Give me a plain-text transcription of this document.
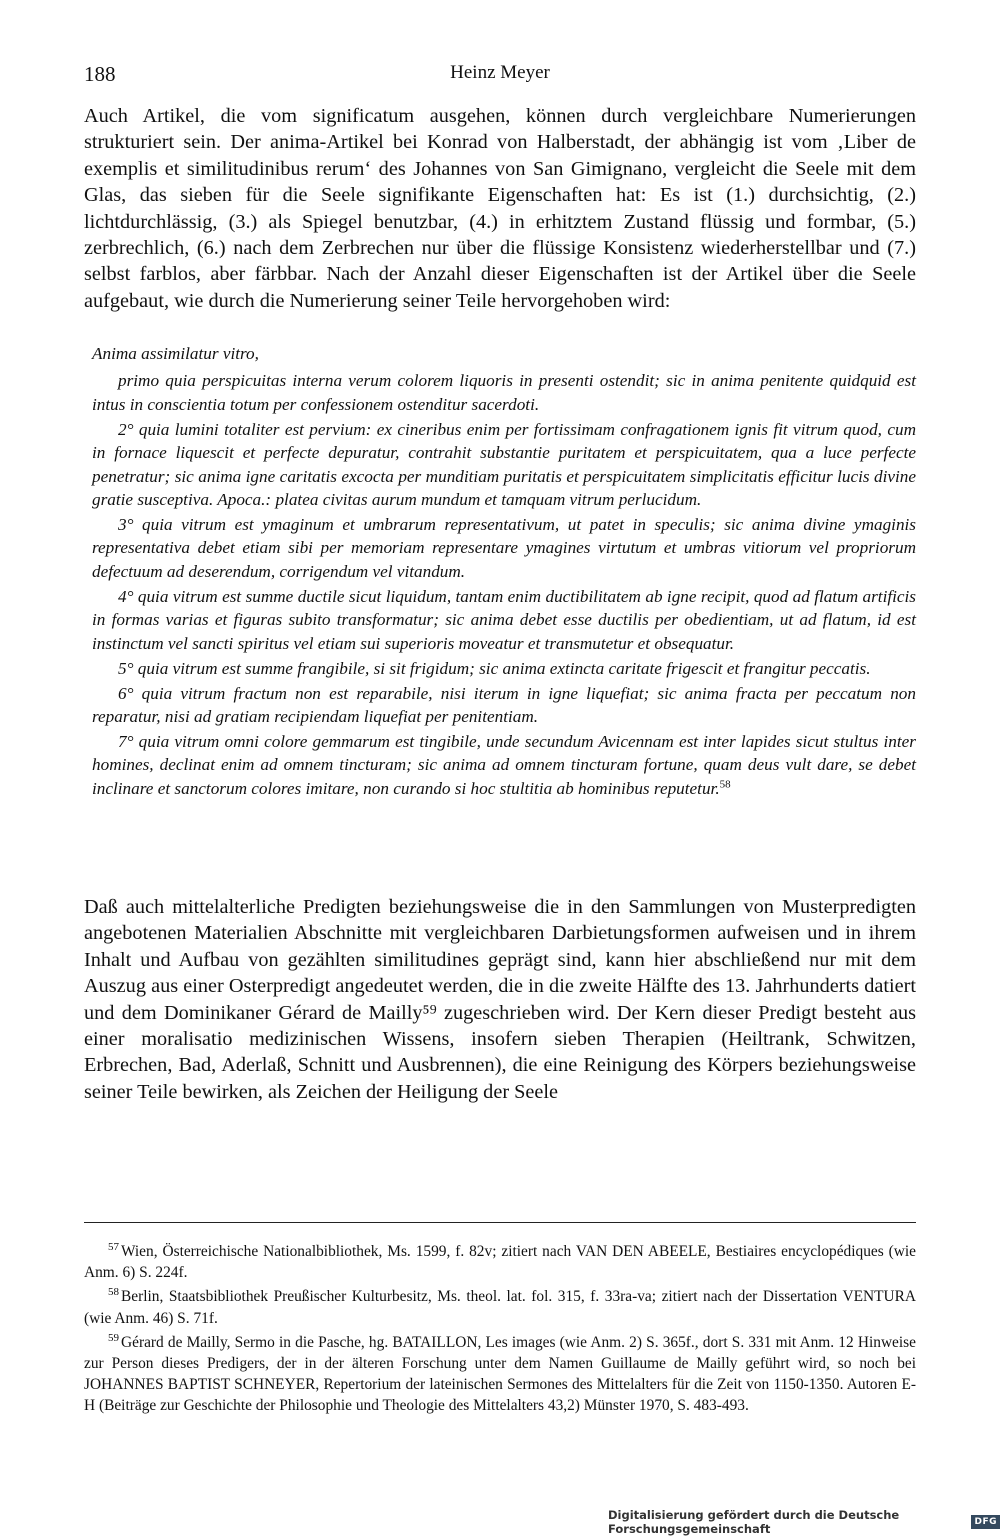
188	Heinz Meyer

Auch Artikel, die vom significatum ausgehen, können durch vergleichbare Numerierungen strukturiert sein. Der anima-Artikel bei Konrad von Halberstadt, der abhängig ist vom ‚Liber de exemplis et similitudinibus rerum‘ des Johannes von San Gimignano, vergleicht die Seele mit dem Glas, das sieben für die Seele signifikante Eigenschaften hat: Es ist (1.) durchsichtig, (2.) lichtdurchlässig, (3.) als Spiegel benutzbar, (4.) in erhitztem Zustand flüssig und formbar, (5.) zerbrechlich, (6.) nach dem Zerbrechen nur über die flüssige Konsistenz wiederherstellbar und (7.) selbst farblos, aber färbbar. Nach der Anzahl dieser Eigenschaften ist der Artikel über die Seele aufgebaut, wie durch die Numerierung seiner Teile hervorgehoben wird:

Anima assimilatur vitro,

primo quia perspicuitas interna verum colorem liquoris in presenti ostendit; sic in anima penitente quidquid est intus in conscientia totum per confessionem ostenditur sacerdoti.

2° quia lumini totaliter est pervium: ex cineribus enim per fortissimam confragationem ignis fit vitrum quod, cum in fornace liquescit et perfecte depuratur, contrahit substantie puritatem et perspicuitatem, qua a luce perfecte penetratur; sic anima igne caritatis excocta per munditiam puritatis et perspicuitatem simplicitatis efficitur lucis divine gratie susceptiva. Apoca.: platea civitas aurum mundum et tamquam vitrum perlucidum.

3° quia vitrum est ymaginum et umbrarum representativum, ut patet in speculis; sic anima divine ymaginis representativa debet etiam sibi per memoriam representare ymagines virtutum et umbras vitiorum vel propriorum defectuum ad deserendum, corrigendum vel vitandum.

4° quia vitrum est summe ductile sicut liquidum, tantam enim ductibilitatem ab igne recipit, quod ad flatum artificis in formas varias et figuras subito transformatur; sic anima debet esse ductilis per obedientiam, ut ad flatum, id est instinctum vel sancti spiritus vel etiam sui superioris moveatur et transmutetur et obsequatur.

5° quia vitrum est summe frangibile, si sit frigidum; sic anima extincta caritate frigescit et frangitur peccatis.

6° quia vitrum fractum non est reparabile, nisi iterum in igne liquefiat; sic anima fracta per peccatum non reparatur, nisi ad gratiam recipiendam liquefiat per penitentiam.

7° quia vitrum omni colore gemmarum est tingibile, unde secundum Avicennam est inter lapides sicut stultus inter homines, declinat enim ad omnem tincturam; sic anima ad omnem tincturam fortune, quam deus vult dare, se debet inclinare et sanctorum colores imitare, non curando si hoc stultitia ab hominibus reputetur.$^{58}$

Daß auch mittelalterliche Predigten beziehungsweise die in den Sammlungen von Musterpredigten angebotenen Materialien Abschnitte mit vergleichbaren Darbietungsformen aufweisen und in ihrem Inhalt und Aufbau von gezählten similitudines geprägt sind, kann hier abschließend nur mit dem Auszug aus einer Osterpredigt angedeutet werden, die in die zweite Hälfte des 13. Jahrhunderts datiert und dem Dominikaner Gérard de Mailly⁵⁹ zugeschrieben wird. Der Kern dieser Predigt besteht aus einer moralisatio medizinischen Wissens, insofern sieben Therapien (Heiltrank, Schwitzen, Erbrechen, Bad, Aderlaß, Schnitt und Ausbrennen), die eine Reinigung des Körpers beziehungsweise seiner Teile bewirken, als Zeichen der Heiligung der Seele

$^{57}$ Wien, Österreichische Nationalbibliothek, Ms. 1599, f. 82v; zitiert nach VAN DEN ABEELE, Bestiaires encyclopédiques (wie Anm. 6) S. 224f.

$^{58}$ Berlin, Staatsbibliothek Preußischer Kulturbesitz, Ms. theol. lat. fol. 315, f. 33ra-va; zitiert nach der Dissertation VENTURA (wie Anm. 46) S. 71f.

$^{59}$ Gérard de Mailly, Sermo in die Pasche, hg. BATAILLON, Les images (wie Anm. 2) S. 365f., dort S. 331 mit Anm. 12 Hinweise zur Person dieses Predigers, der in der älteren Forschung unter dem Namen Guillaume de Mailly geführt wird, so noch bei JOHANNES BAPTIST SCHNEYER, Repertorium der lateinischen Sermones des Mittelalters für die Zeit von 1150-1350. Autoren E-H (Beiträge zur Geschichte der Philosophie und Theologie des Mittelalters 43,2) Münster 1970, S. 483-493.

Digitalisierung gefördert durch die Deutsche Forschungsgemeinschaft	DFG
